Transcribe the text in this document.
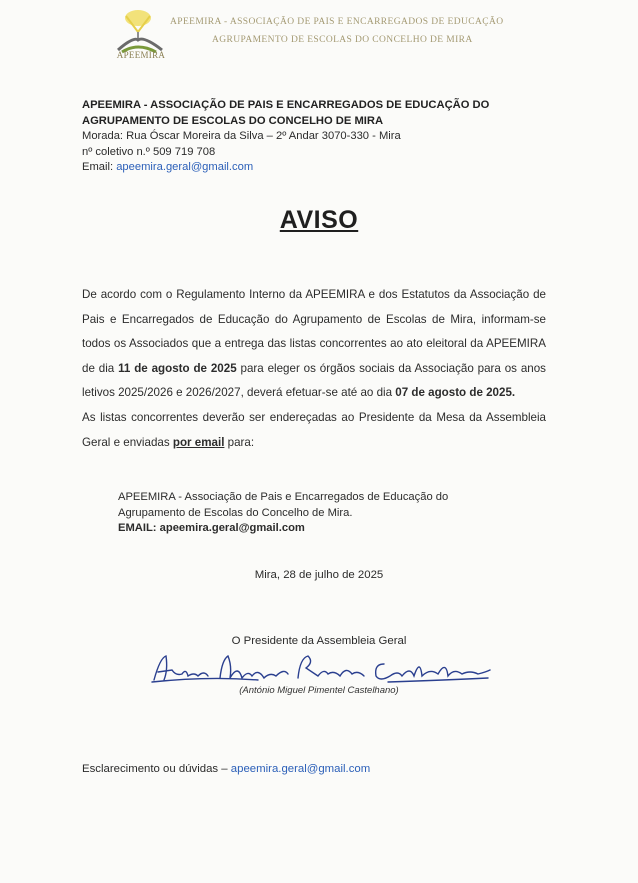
APEEMIRA
APEEMIRA - ASSOCIAÇÃO DE PAIS E ENCARREGADOS DE EDUCAÇÃO
AGRUPAMENTO DE ESCOLAS DO CONCELHO DE MIRA
APEEMIRA - ASSOCIAÇÃO DE PAIS E ENCARREGADOS DE EDUCAÇÃO DO
AGRUPAMENTO DE ESCOLAS DO CONCELHO DE MIRA
Morada: Rua Óscar Moreira da Silva – 2º Andar 3070-330 - Mira
nº coletivo n.º 509 719 708
Email: apeemira.geral@gmail.com
AVISO

De acordo com o Regulamento Interno da APEEMIRA e dos Estatutos da Associação de Pais e Encarregados de Educação do Agrupamento de Escolas de Mira, informam-se todos os Associados que a entrega das listas concorrentes ao ato eleitoral da APEEMIRA de dia 11 de agosto de 2025 para eleger os órgãos sociais da Associação para os anos letivos 2025/2026 e 2026/2027, deverá efetuar-se até ao dia 07 de agosto de 2025.

As listas concorrentes deverão ser endereçadas ao Presidente da Mesa da Assembleia Geral e enviadas por email para:

APEEMIRA - Associação de Pais e Encarregados de Educação do
Agrupamento de Escolas do Concelho de Mira.
EMAIL: apeemira.geral@gmail.com
Mira, 28 de julho de 2025
O Presidente da Assembleia Geral
(António Miguel Pimentel Castelhano)
Esclarecimento ou dúvidas – apeemira.geral@gmail.com
